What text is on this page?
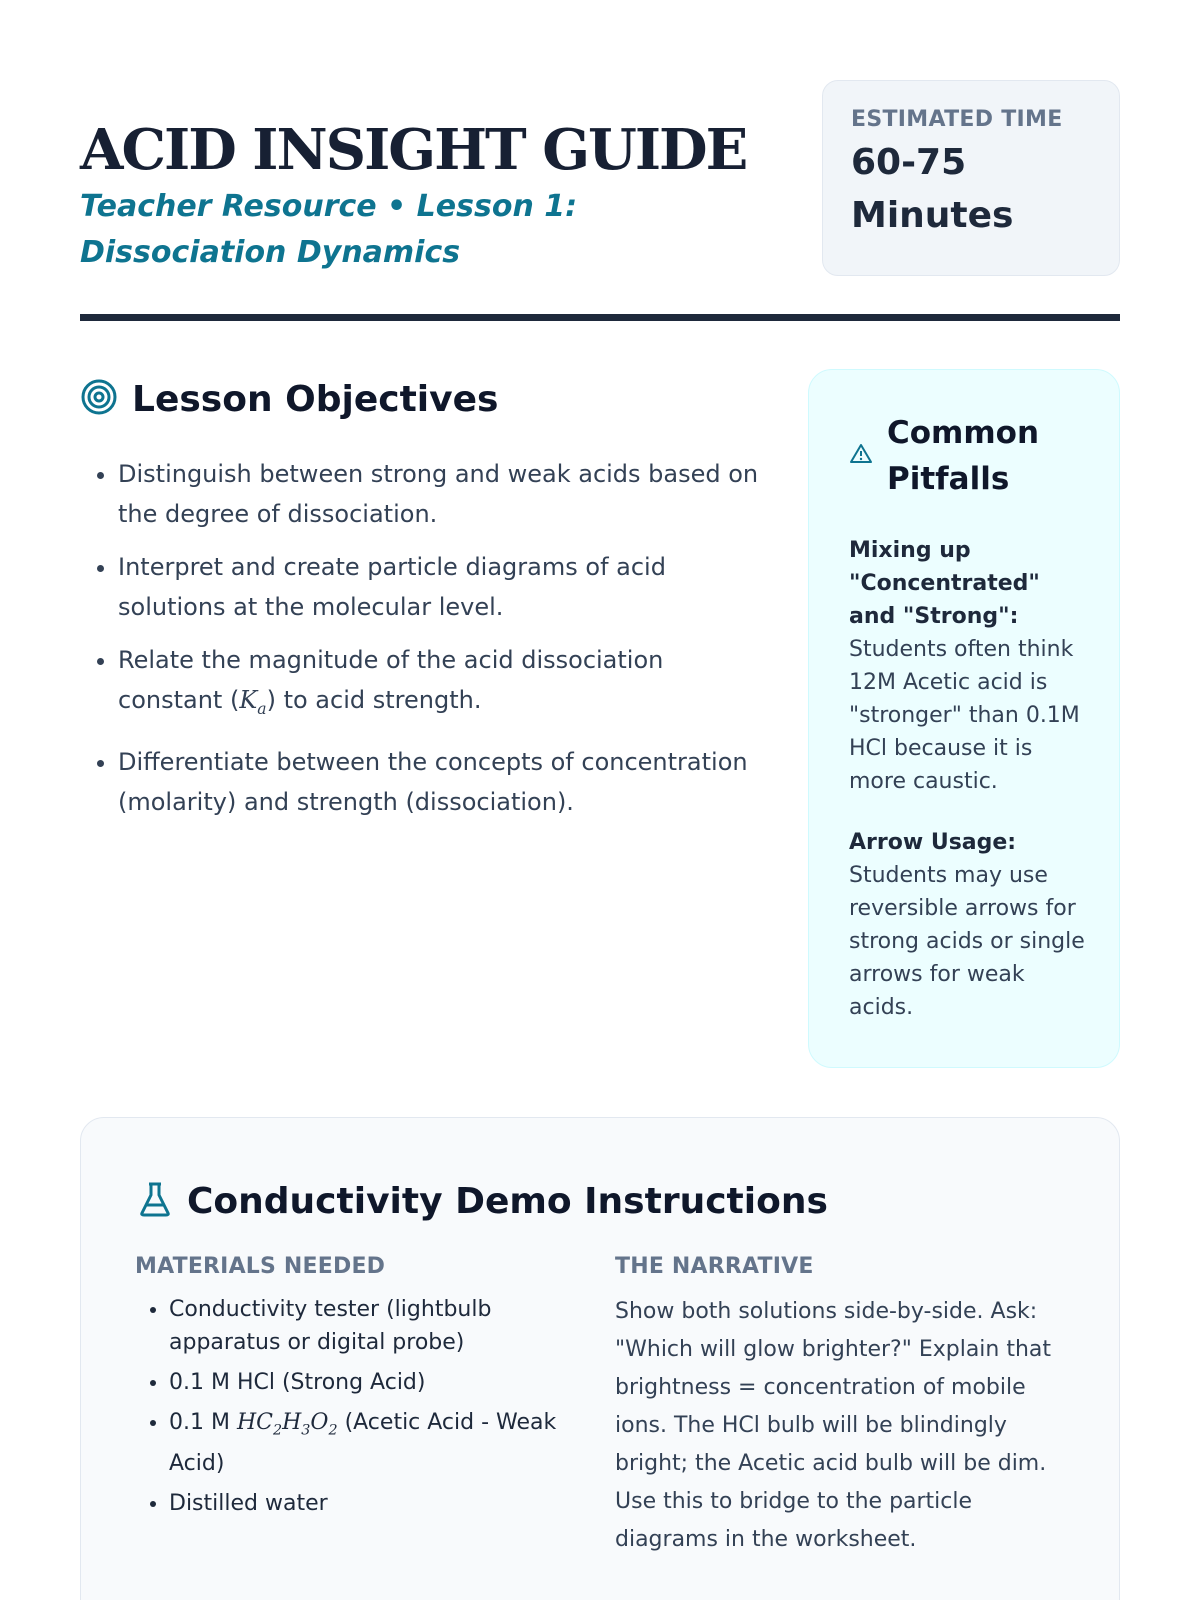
ACID INSIGHT GUIDE
Teacher Resource • Lesson 1: Dissociation Dynamics
ESTIMATED TIME
60-75 Minutes
Lesson Objectives
• Distinguish between strong and weak acids based on the degree of dissociation.
• Interpret and create particle diagrams of acid solutions at the molecular level.
• Relate the magnitude of the acid dissociation constant $(K_a)$ to acid strength.
• Differentiate between the concepts of concentration (molarity) and strength (dissociation).
Common Pitfalls
Mixing up "Concentrated" and "Strong": Students often think 12M Acetic acid is "stronger" than 0.1M HCl because it is more caustic.
Arrow Usage: Students may use reversible arrows for strong acids or single arrows for weak acids.
Conductivity Demo Instructions
MATERIALS NEEDED
• Conductivity tester (lightbulb apparatus or digital probe)
• 0.1 M HCl (Strong Acid)
• 0.1 M $HC_2H_3O_2$ (Acetic Acid - Weak Acid)
• Distilled water
THE NARRATIVE

Show both solutions side-by-side. Ask: "Which will glow brighter?" Explain that brightness = concentration of mobile ions. The HCl bulb will be blindingly bright; the Acetic acid bulb will be dim. Use this to bridge to the particle diagrams in the worksheet.
